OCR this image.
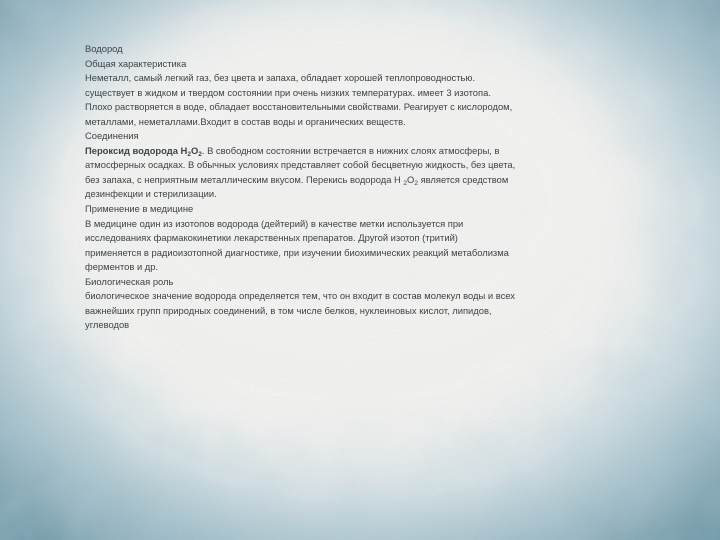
Водород
Общая характеристика
Неметалл, самый легкий газ, без цвета и запаха, обладает хорошей теплопроводностью.
существует в жидком и твердом состоянии при очень низких температурах. имеет 3 изотопа.
Плохо растворяется в воде, обладает восстановительными свойствами. Реагирует с кислородом,
металлами, неметаллами.Входит в состав воды и органических веществ.
Соединения
Пероксид водорода $H_2O_2$. В свободном состоянии встречается в нижних слоях атмосферы, в
атмосферных осадках. В обычных условиях представляет собой бесцветную жидкость, без цвета,
без запаха, с неприятным металлическим вкусом. Перекись водорода Н $_2О_2$ является средством
дезинфекции и стерилизации.
Применение в медицине
В медицине один из изотопов водорода (дейтерий) в качестве метки используется при
исследованиях фармакокинетики лекарственных препаратов. Другой изотоп (тритий)
применяется в радиоизотопной диагностике, при изучении биохимических реакций метаболизма
ферментов и др.
Биологическая роль
биологическое значение водорода определяется тем, что он входит в состав молекул воды и всех
важнейших групп природных соединений, в том числе белков, нуклеиновых кислот, липидов,
углеводов
